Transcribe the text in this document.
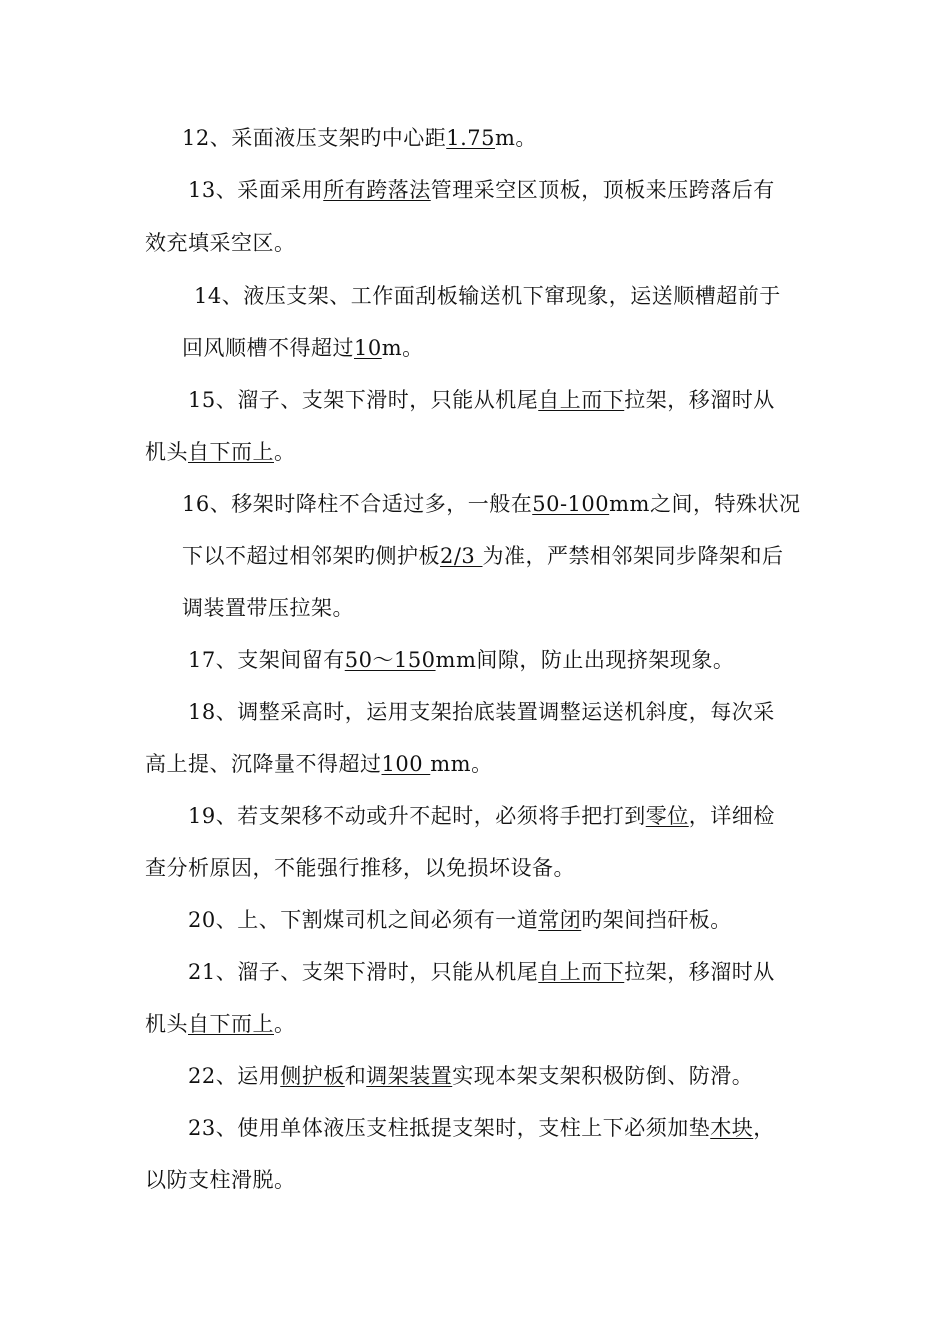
12、采面液压支架旳中心距1.75m。
13、采面采用所有跨落法管理采空区顶板，顶板来压跨落后有
效充填采空区。
14、液压支架、工作面刮板输送机下窜现象，运送顺槽超前于
回风顺槽不得超过10m。
15、溜子、支架下滑时，只能从机尾自上而下拉架，移溜时从
机头自下而上。
16、移架时降柱不合适过多，一般在50-100mm之间，特殊状况
下以不超过相邻架旳侧护板2/3 为准，严禁相邻架同步降架和后
调装置带压拉架。
17、支架间留有50～150mm间隙，防止出现挤架现象。
18、调整采高时，运用支架抬底装置调整运送机斜度，每次采
高上提、沉降量不得超过100 mm。
19、若支架移不动或升不起时，必须将手把打到零位，详细检
查分析原因，不能强行推移，以免损坏设备。
20、上、下割煤司机之间必须有一道常闭旳架间挡矸板。
21、溜子、支架下滑时，只能从机尾自上而下拉架，移溜时从
机头自下而上。
22、运用侧护板和调架装置实现本架支架积极防倒、防滑。
23、使用单体液压支柱抵提支架时，支柱上下必须加垫木块，
以防支柱滑脱。
